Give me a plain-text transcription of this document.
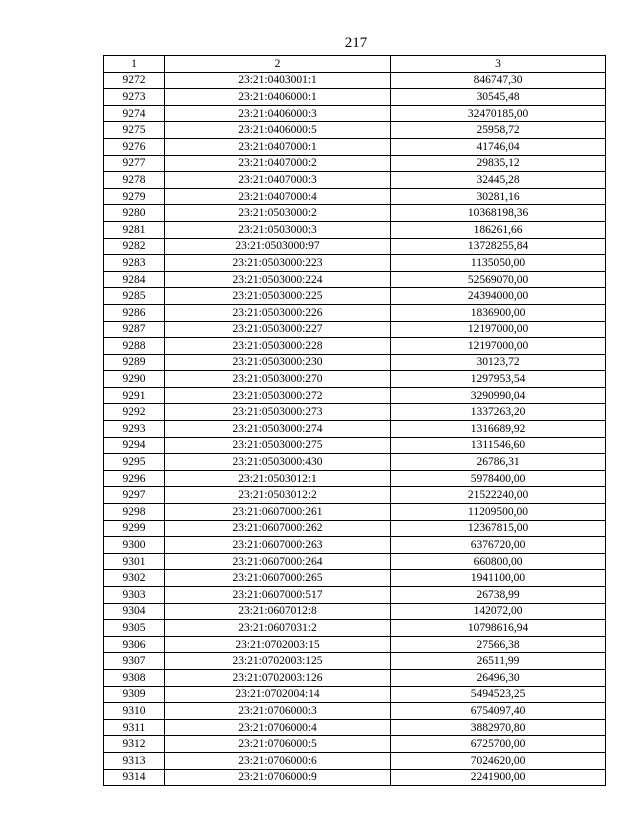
217
1	2	3
9272	23:21:0403001:1	846747,30
9273	23:21:0406000:1	30545,48
9274	23:21:0406000:3	32470185,00
9275	23:21:0406000:5	25958,72
9276	23:21:0407000:1	41746,04
9277	23:21:0407000:2	29835,12
9278	23:21:0407000:3	32445,28
9279	23:21:0407000:4	30281,16
9280	23:21:0503000:2	10368198,36
9281	23:21:0503000:3	186261,66
9282	23:21:0503000:97	13728255,84
9283	23:21:0503000:223	1135050,00
9284	23:21:0503000:224	52569070,00
9285	23:21:0503000:225	24394000,00
9286	23:21:0503000:226	1836900,00
9287	23:21:0503000:227	12197000,00
9288	23:21:0503000:228	12197000,00
9289	23:21:0503000:230	30123,72
9290	23:21:0503000:270	1297953,54
9291	23:21:0503000:272	3290990,04
9292	23:21:0503000:273	1337263,20
9293	23:21:0503000:274	1316689,92
9294	23:21:0503000:275	1311546,60
9295	23:21:0503000:430	26786,31
9296	23:21:0503012:1	5978400,00
9297	23:21:0503012:2	21522240,00
9298	23:21:0607000:261	11209500,00
9299	23:21:0607000:262	12367815,00
9300	23:21:0607000:263	6376720,00
9301	23:21:0607000:264	660800,00
9302	23:21:0607000:265	1941100,00
9303	23:21:0607000:517	26738,99
9304	23:21:0607012:8	142072,00
9305	23:21:0607031:2	10798616,94
9306	23:21:0702003:15	27566,38
9307	23:21:0702003:125	26511,99
9308	23:21:0702003:126	26496,30
9309	23:21:0702004:14	5494523,25
9310	23:21:0706000:3	6754097,40
9311	23:21:0706000:4	3882970,80
9312	23:21:0706000:5	6725700,00
9313	23:21:0706000:6	7024620,00
9314	23:21:0706000:9	2241900,00
